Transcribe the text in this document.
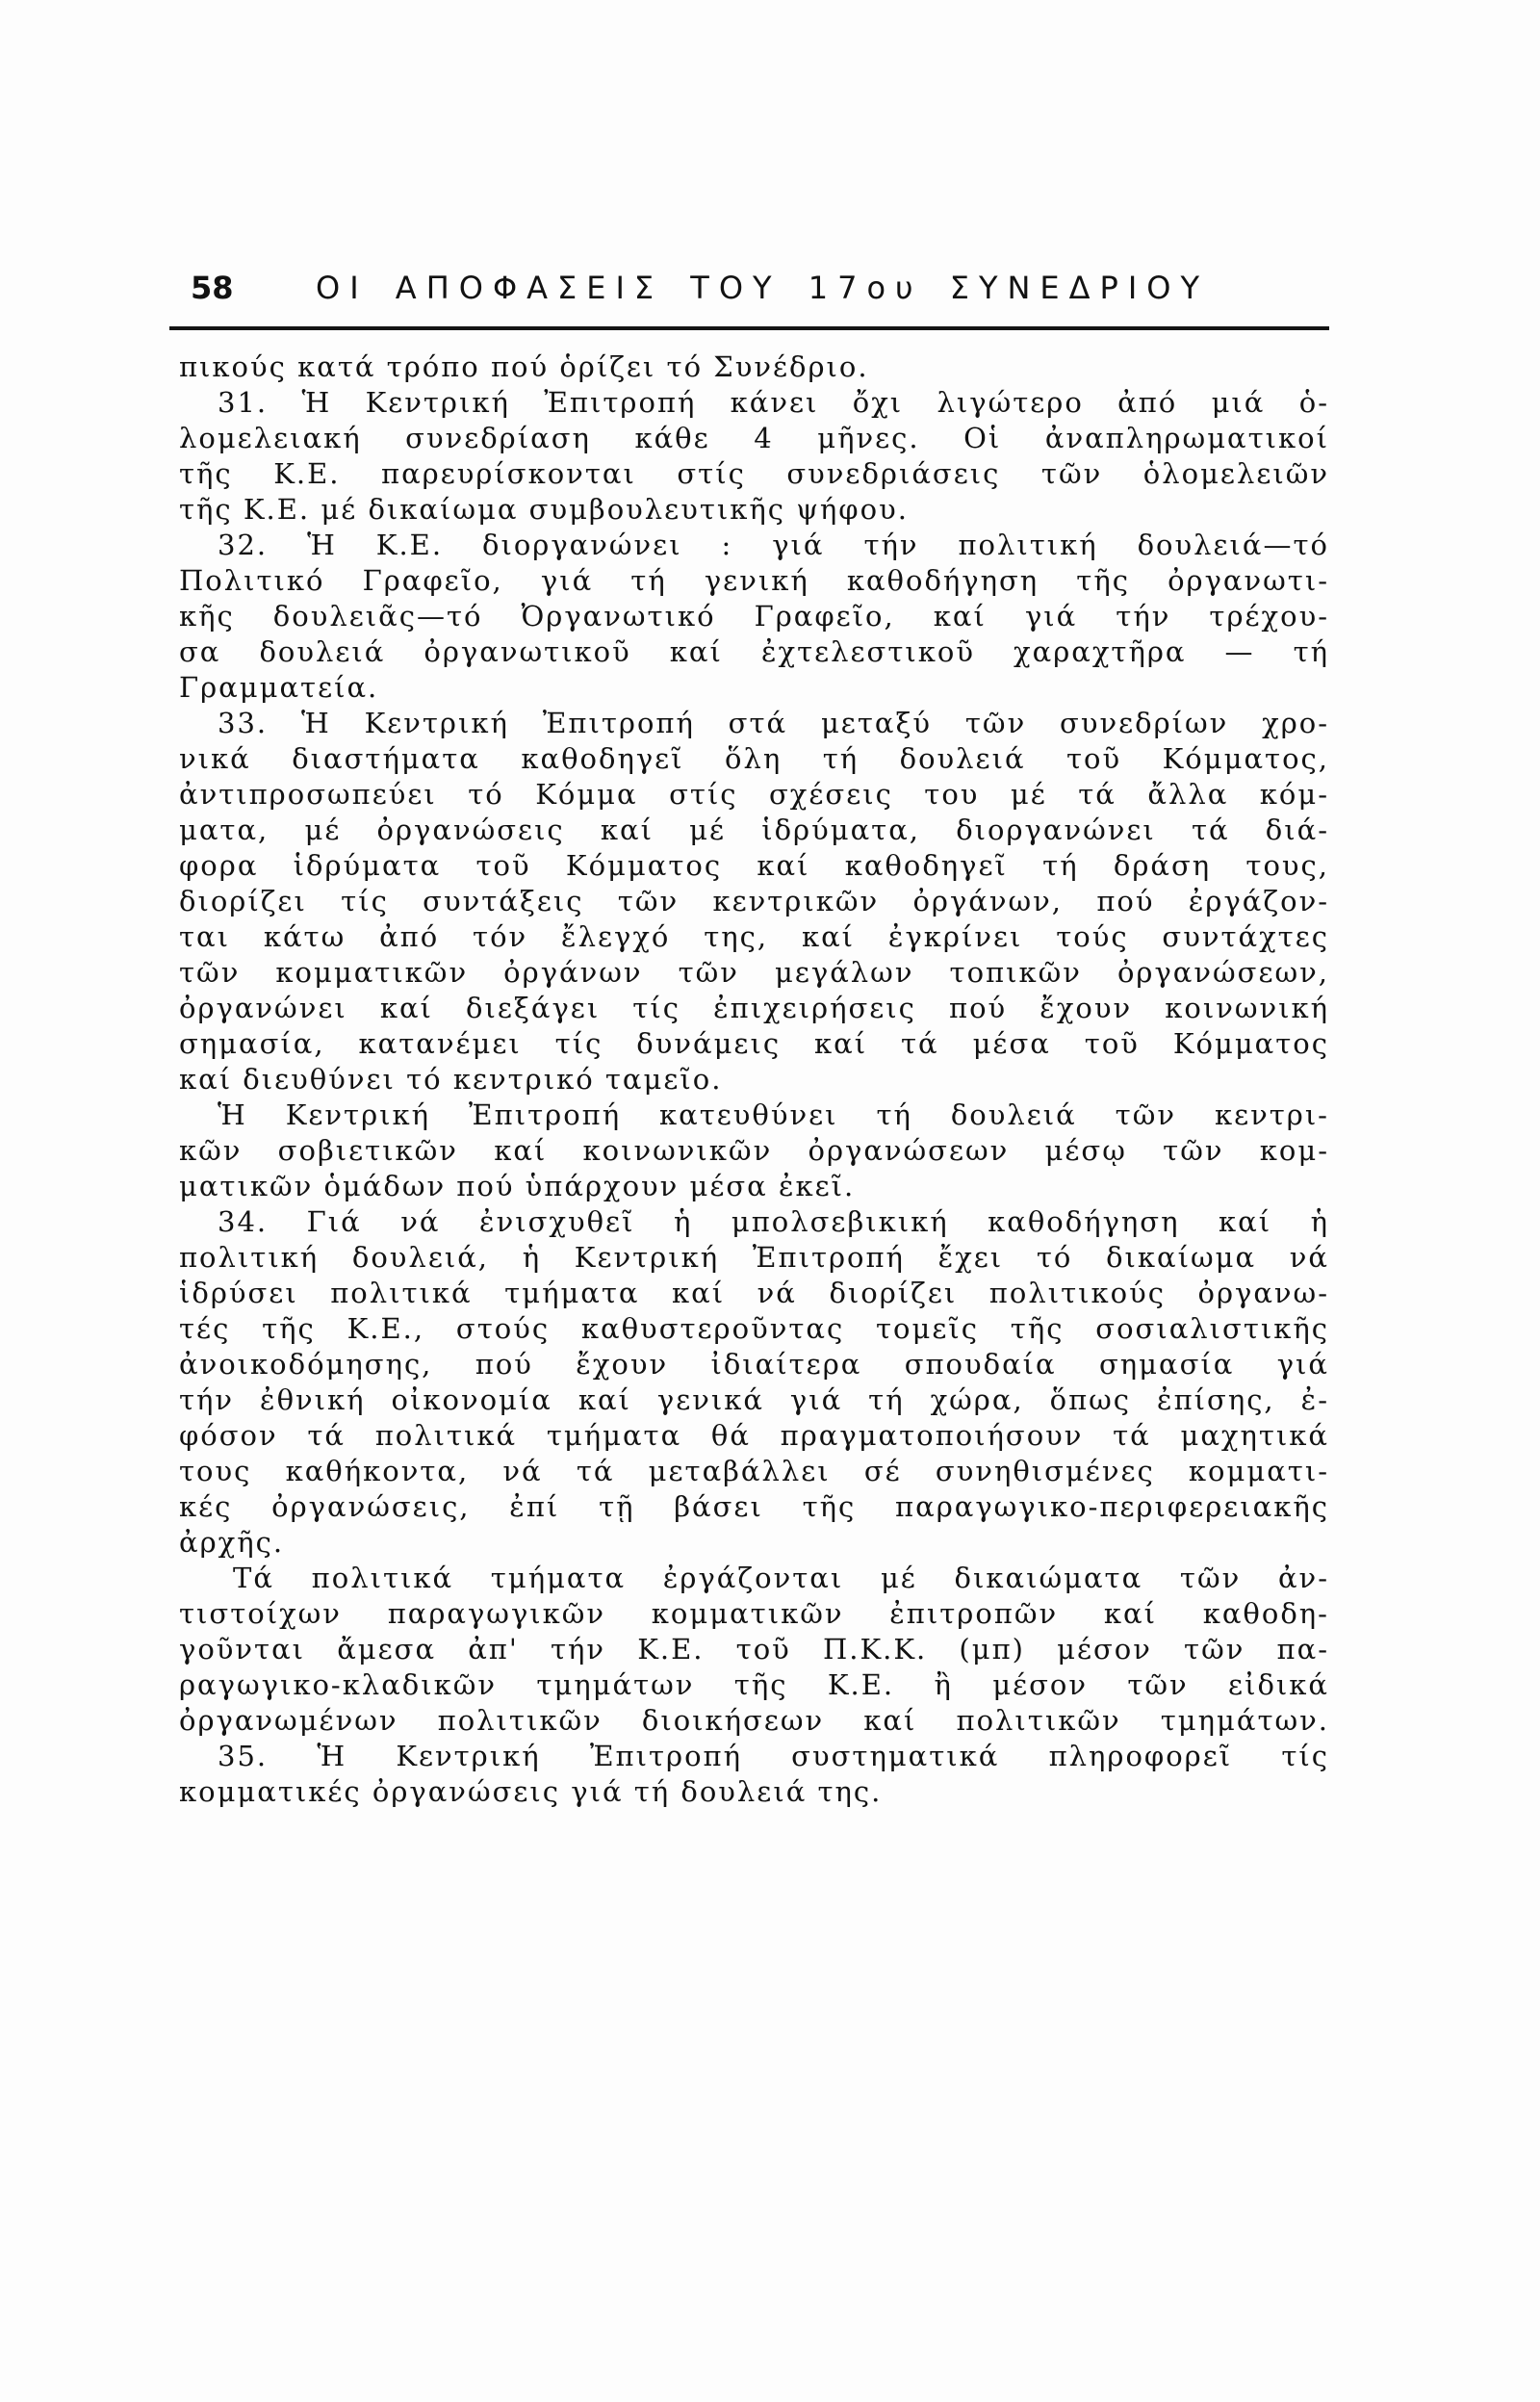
58	ΟΙ ΑΠΟΦΑΣΕΙΣ ΤΟΥ 17ου ΣΥΝΕΔΡΙΟΥ
πικούς κατά τρόπο πού ὁρίζει τό Συνέδριο.
31. Ἡ Κεντρική Ἐπιτροπή κάνει ὄχι λιγώτερο ἀπό μιά ὁ-
λομελειακή συνεδρίαση κάθε 4 μῆνες. Οἱ ἀναπληρωματικοί
τῆς Κ.Ε. παρευρίσκονται στίς συνεδριάσεις τῶν ὁλομελειῶν
τῆς Κ.Ε. μέ δικαίωμα συμβουλευτικῆς ψήφου.
32. Ἡ Κ.Ε. διοργανώνει : γιά τήν πολιτική δουλειά—τό
Πολιτικό Γραφεῖο, γιά τή γενική καθοδήγηση τῆς ὀργανωτι-
κῆς δουλειᾶς—τό Ὀργανωτικό Γραφεῖο, καί γιά τήν τρέχου-
σα δουλειά ὀργανωτικοῦ καί ἐχτελεστικοῦ χαραχτῆρα — τή
Γραμματεία.
33. Ἡ Κεντρική Ἐπιτροπή στά μεταξύ τῶν συνεδρίων χρο-
νικά διαστήματα καθοδηγεῖ ὅλη τή δουλειά τοῦ Κόμματος,
ἀντιπροσωπεύει τό Κόμμα στίς σχέσεις του μέ τά ἄλλα κόμ-
ματα, μέ ὀργανώσεις καί μέ ἱδρύματα, διοργανώνει τά διά-
φορα ἱδρύματα τοῦ Κόμματος καί καθοδηγεῖ τή δράση τους,
διορίζει τίς συντάξεις τῶν κεντρικῶν ὀργάνων, πού ἐργάζον-
ται κάτω ἀπό τόν ἔλεγχό της, καί ἐγκρίνει τούς συντάχτες
τῶν κομματικῶν ὀργάνων τῶν μεγάλων τοπικῶν ὀργανώσεων,
ὀργανώνει καί διεξάγει τίς ἐπιχειρήσεις πού ἔχουν κοινωνική
σημασία, κατανέμει τίς δυνάμεις καί τά μέσα τοῦ Κόμματος
καί διευθύνει τό κεντρικό ταμεῖο.
Ἡ Κεντρική Ἐπιτροπή κατευθύνει τή δουλειά τῶν κεντρι-
κῶν σοβιετικῶν καί κοινωνικῶν ὀργανώσεων μέσῳ τῶν κομ-
ματικῶν ὁμάδων πού ὑπάρχουν μέσα ἐκεῖ.
34. Γιά νά ἐνισχυθεῖ ἡ μπολσεβικική καθοδήγηση καί ἡ
πολιτική δουλειά, ἡ Κεντρική Ἐπιτροπή ἔχει τό δικαίωμα νά
ἱδρύσει πολιτικά τμήματα καί νά διορίζει πολιτικούς ὀργανω-
τές τῆς Κ.Ε., στούς καθυστεροῦντας τομεῖς τῆς σοσιαλιστικῆς
ἀνοικοδόμησης, πού ἔχουν ἰδιαίτερα σπουδαία σημασία γιά
τήν ἐθνική οἰκονομία καί γενικά γιά τή χώρα, ὅπως ἐπίσης, ἐ-
φόσον τά πολιτικά τμήματα θά πραγματοποιήσουν τά μαχητικά
τους καθήκοντα, νά τά μεταβάλλει σέ συνηθισμένες κομματι-
κές ὀργανώσεις, ἐπί τῇ βάσει τῆς παραγωγικο-περιφερειακῆς
ἀρχῆς.
Τά πολιτικά τμήματα ἐργάζονται μέ δικαιώματα τῶν ἀν-
τιστοίχων παραγωγικῶν κομματικῶν ἐπιτροπῶν καί καθοδη-
γοῦνται ἄμεσα ἀπ' τήν Κ.Ε. τοῦ Π.Κ.Κ. (μπ) μέσον τῶν πα-
ραγωγικο-κλαδικῶν τμημάτων τῆς Κ.Ε. ἢ μέσον τῶν εἰδικά
ὀργανωμένων πολιτικῶν διοικήσεων καί πολιτικῶν τμημάτων.
35. Ἡ Κεντρική Ἐπιτροπή συστηματικά πληροφορεῖ τίς
κομματικές ὀργανώσεις γιά τή δουλειά της.
